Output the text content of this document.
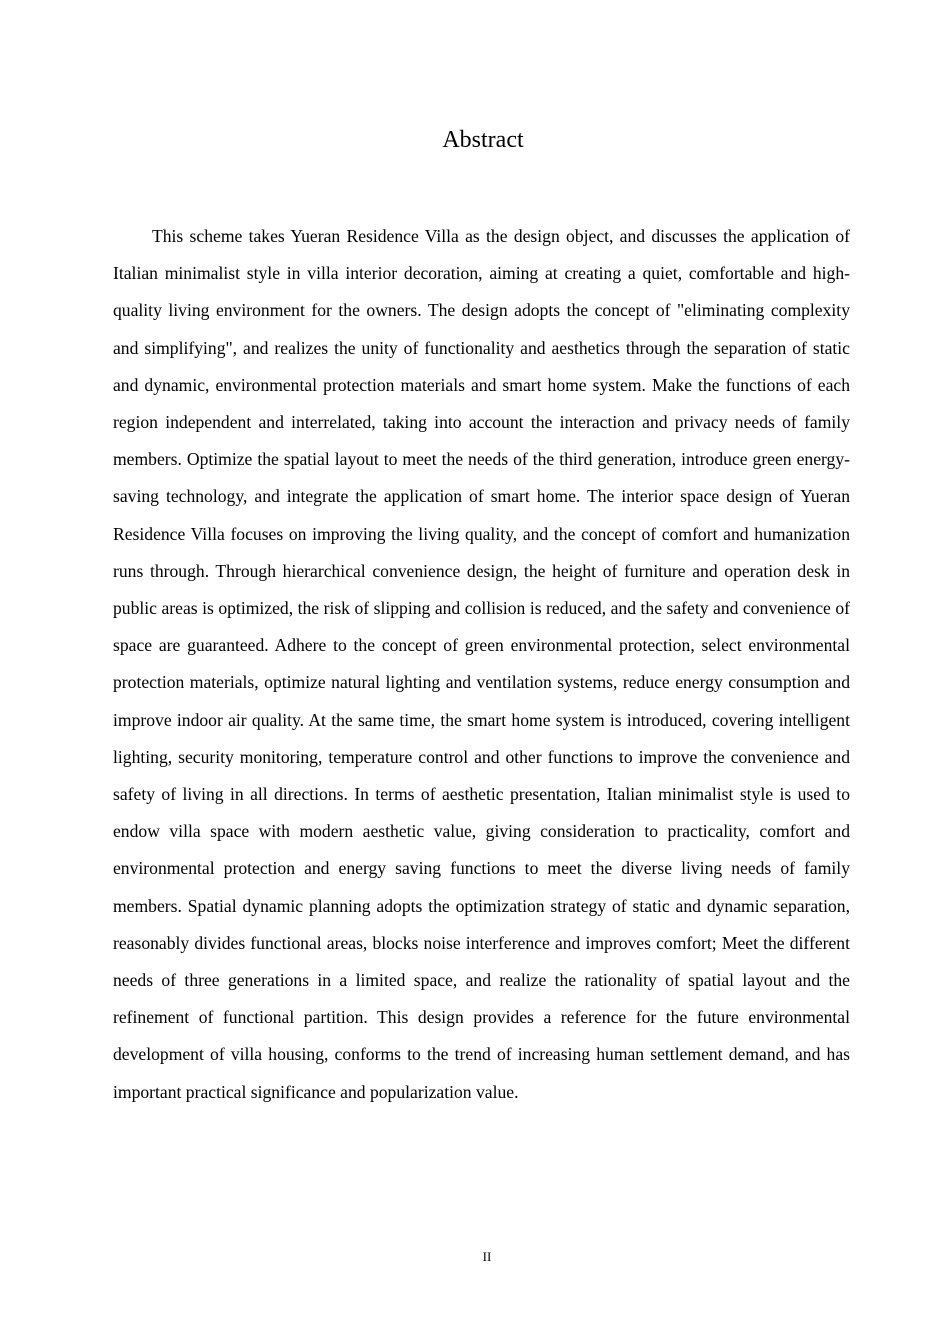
Abstract

This scheme takes Yueran Residence Villa as the design object, and discusses the application of Italian minimalist style in villa interior decoration, aiming at creating a quiet, comfortable and high-quality living environment for the owners. The design adopts the concept of "eliminating complexity and simplifying", and realizes the unity of functionality and aesthetics through the separation of static and dynamic, environmental protection materials and smart home system. Make the functions of each region independent and interrelated, taking into account the interaction and privacy needs of family members. Optimize the spatial layout to meet the needs of the third generation, introduce green energy-saving technology, and integrate the application of smart home. The interior space design of Yueran Residence Villa focuses on improving the living quality, and the concept of comfort and humanization runs through. Through hierarchical convenience design, the height of furniture and operation desk in public areas is optimized, the risk of slipping and collision is reduced, and the safety and convenience of space are guaranteed. Adhere to the concept of green environmental protection, select environmental protection materials, optimize natural lighting and ventilation systems, reduce energy consumption and improve indoor air quality. At the same time, the smart home system is introduced, covering intelligent lighting, security monitoring, temperature control and other functions to improve the convenience and safety of living in all directions. In terms of aesthetic presentation, Italian minimalist style is used to endow villa space with modern aesthetic value, giving consideration to practicality, comfort and environmental protection and energy saving functions to meet the diverse living needs of family members. Spatial dynamic planning adopts the optimization strategy of static and dynamic separation, reasonably divides functional areas, blocks noise interference and improves comfort; Meet the different needs of three generations in a limited space, and realize the rationality of spatial layout and the refinement of functional partition. This design provides a reference for the future environmental development of villa housing, conforms to the trend of increasing human settlement demand, and has important practical significance and popularization value.

II
